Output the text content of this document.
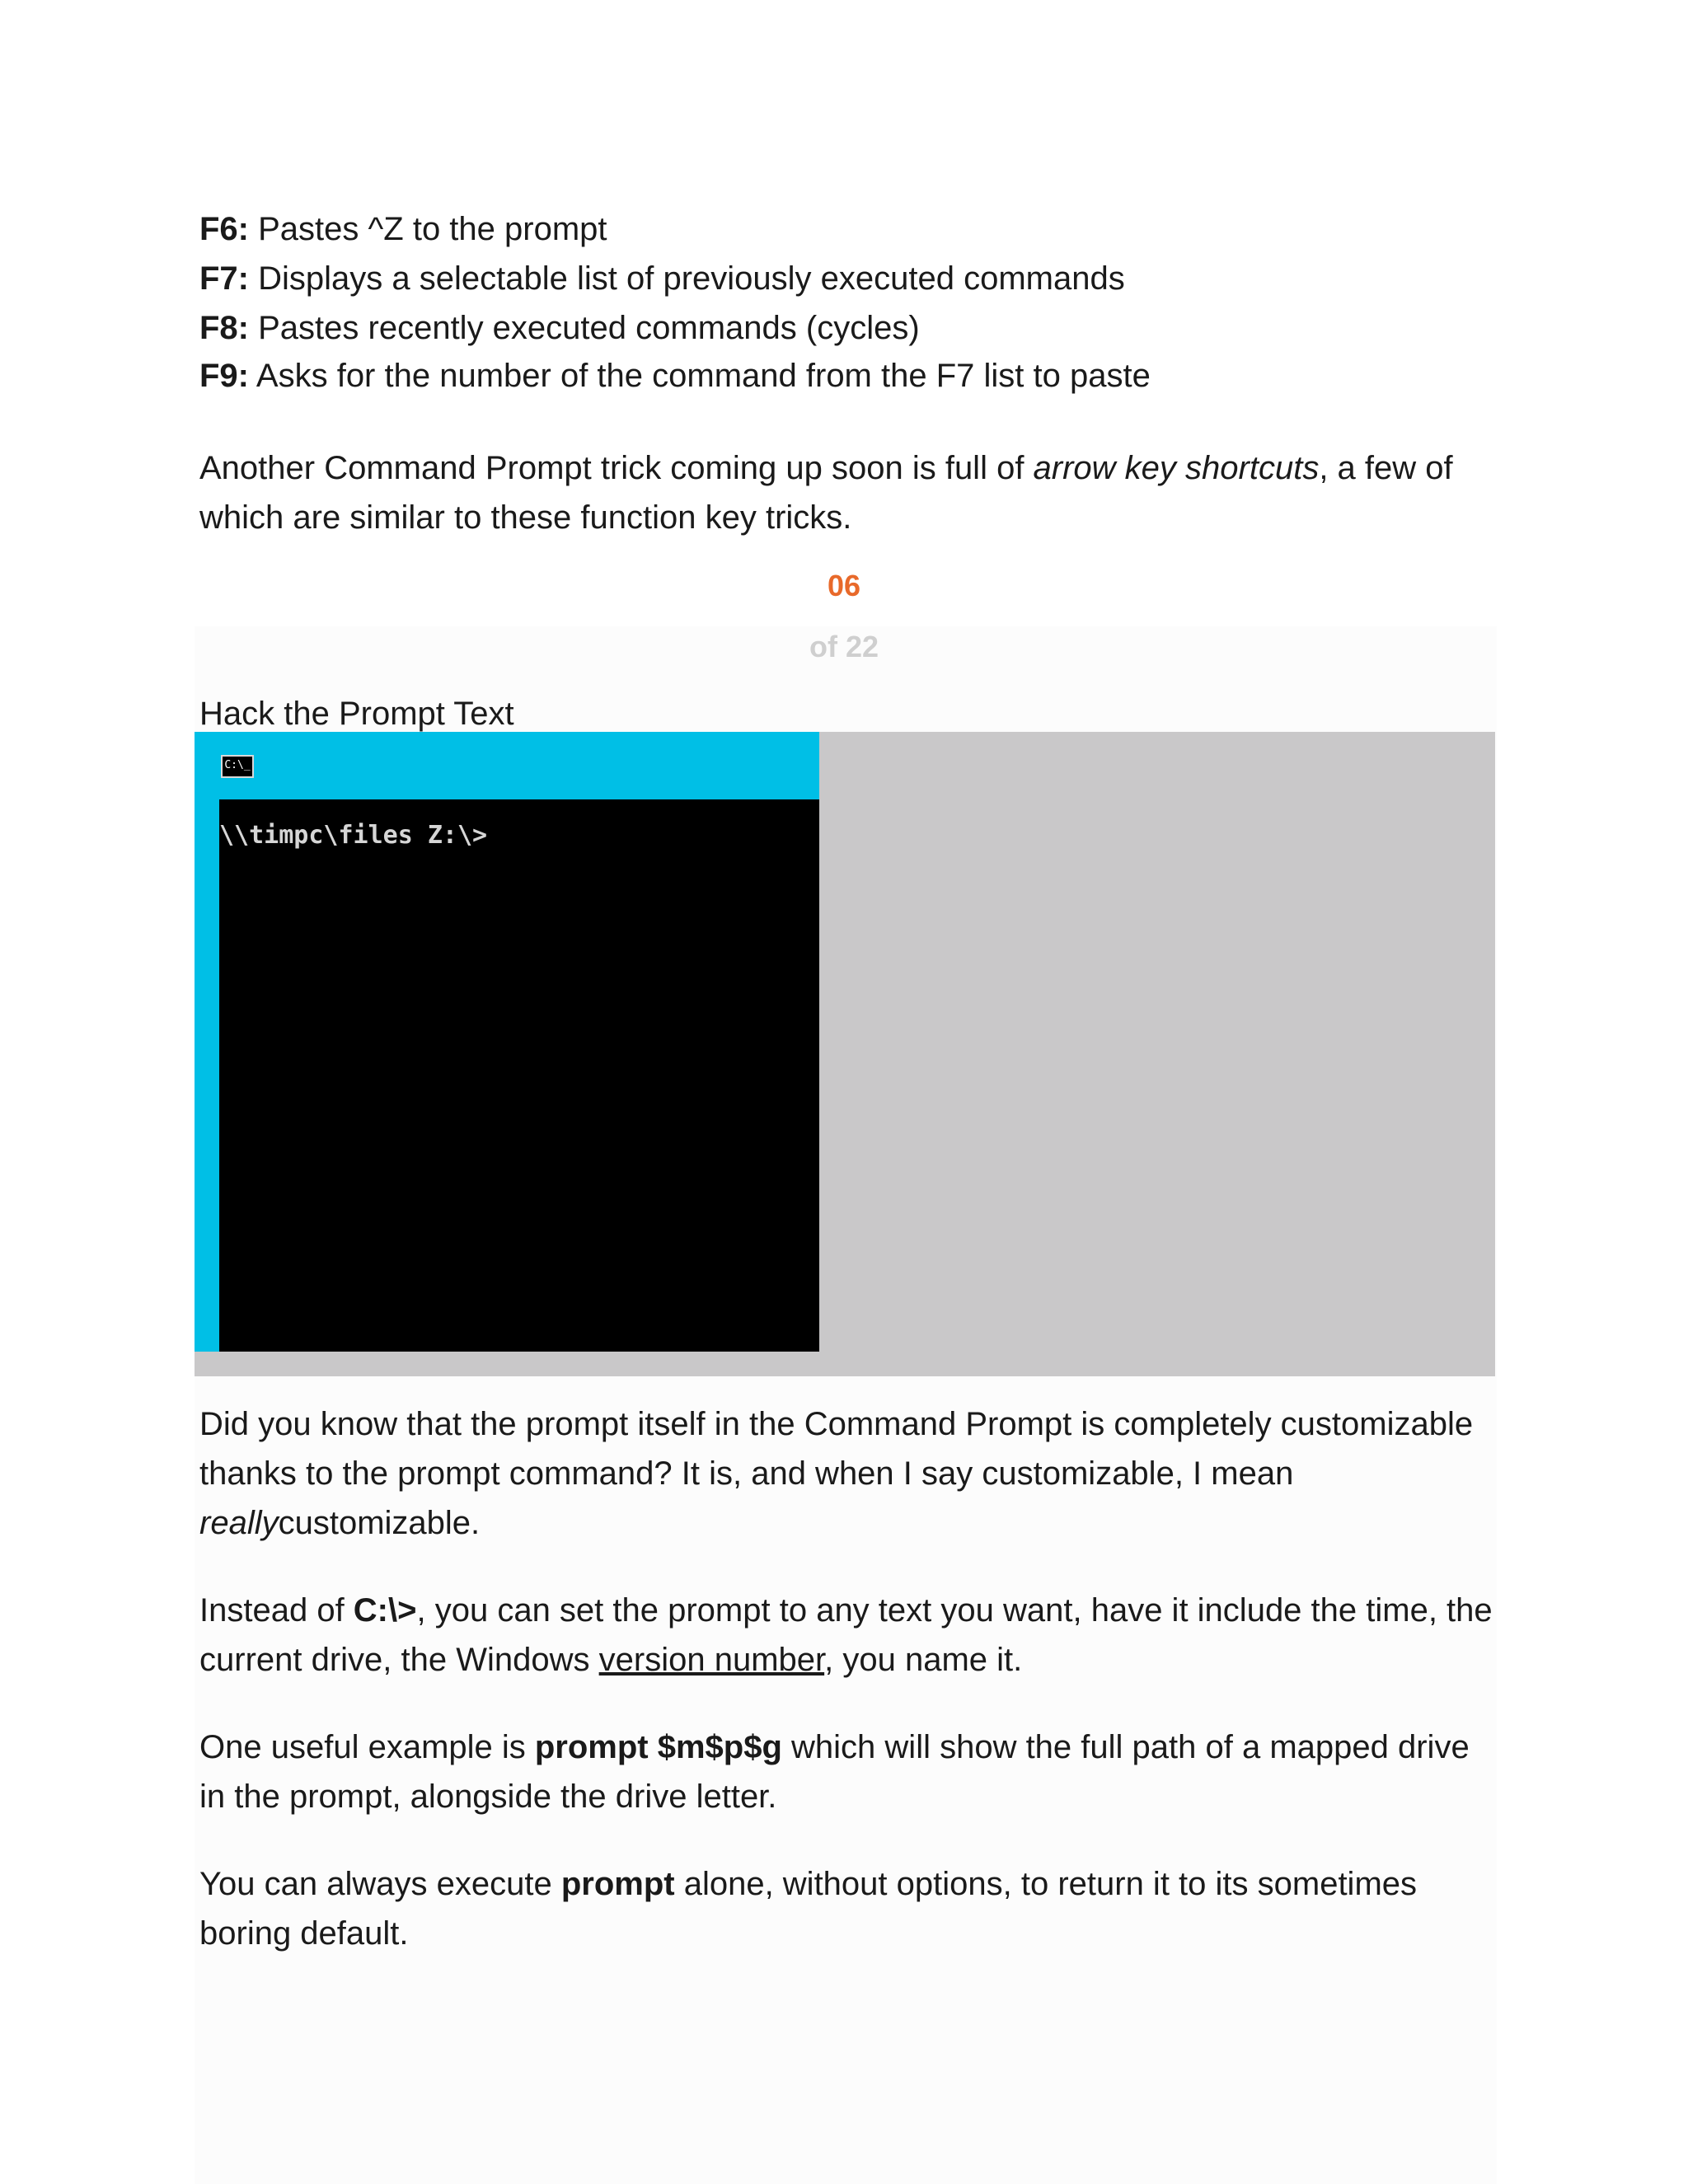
F6: Pastes ^Z to the prompt
F7: Displays a selectable list of previously executed commands
F8: Pastes recently executed commands (cycles)
F9: Asks for the number of the command from the F7 list to paste

Another Command Prompt trick coming up soon is full of arrow key shortcuts, a few of which are similar to these function key tricks.

06
of 22
Hack the Prompt Text
C:\_
\\timpc\files Z:\>

Did you know that the prompt itself in the Command Prompt is completely customizable thanks to the prompt command? It is, and when I say customizable, I mean reallycustomizable.

Instead of C:\>, you can set the prompt to any text you want, have it include the time, the current drive, the Windows version number, you name it.

One useful example is prompt $m$p$g which will show the full path of a mapped drive in the prompt, alongside the drive letter.

You can always execute prompt alone, without options, to return it to its sometimes boring default.
